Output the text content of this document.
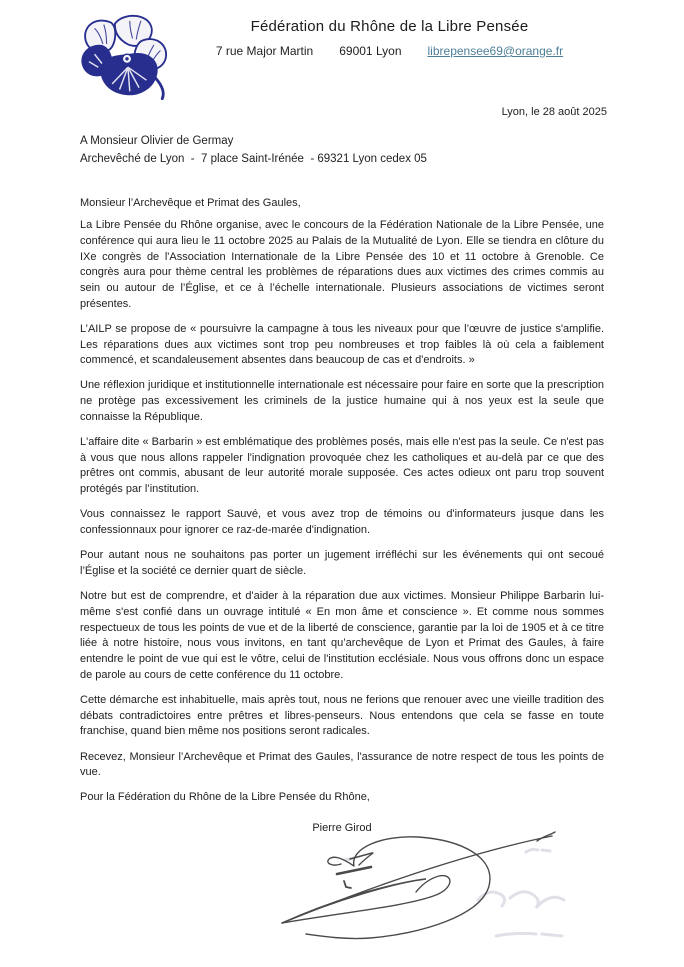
Fédération du Rhône de la Libre Pensée
7 rue Major Martin 69001 Lyon librepensee69@orange.fr
Lyon, le 28 août 2025
A Monsieur Olivier de Germay
Archevêché de Lyon  -  7 place Saint-Irénée  - 69321 Lyon cedex 05
Monsieur l’Archevêque et Primat des Gaules,

La Libre Pensée du Rhône organise, avec le concours de la Fédération Nationale de la Libre Pensée, une conférence qui aura lieu le 11 octobre 2025 au Palais de la Mutualité de Lyon. Elle se tiendra en clôture du IXe congrès de l'Association Internationale de la Libre Pensée des 10 et 11 octobre à Grenoble. Ce congrès aura pour thème central les problèmes de réparations dues aux victimes des crimes commis au sein ou autour de l’Église, et ce à l’échelle internationale. Plusieurs associations de victimes seront présentes.

L’AILP se propose de « poursuivre la campagne à tous les niveaux pour que l’œuvre de justice s'amplifie. Les réparations dues aux victimes sont trop peu nombreuses et trop faibles là où cela a faiblement commencé, et scandaleusement absentes dans beaucoup de cas et d'endroits. »

Une réflexion juridique et institutionnelle internationale est nécessaire pour faire en sorte que la prescription ne protège pas excessivement les criminels de la justice humaine qui à nos yeux est la seule que connaisse la République.

L'affaire dite « Barbarin » est emblématique des problèmes posés, mais elle n'est pas la seule. Ce n'est pas à vous que nous allons rappeler l'indignation provoquée chez les catholiques et au-delà par ce que des prêtres ont commis, abusant de leur autorité morale supposée. Ces actes odieux ont paru trop souvent protégés par l’institution.

Vous connaissez le rapport Sauvé, et vous avez trop de témoins ou d'informateurs jusque dans les confessionnaux pour ignorer ce raz-de-marée d'indignation.

Pour autant nous ne souhaitons pas porter un jugement irréfléchi sur les événements qui ont secoué l’Église et la société ce dernier quart de siècle.

Notre but est de comprendre, et d'aider à la réparation due aux victimes. Monsieur Philippe Barbarin lui-même s'est confié dans un ouvrage intitulé « En mon âme et conscience ». Et comme nous sommes respectueux de tous les points de vue et de la liberté de conscience, garantie par la loi de 1905 et à ce titre liée à notre histoire, nous vous invitons, en tant qu’archevêque de Lyon et Primat des Gaules, à faire entendre le point de vue qui est le vôtre, celui de l'institution ecclésiale. Nous vous offrons donc un espace de parole au cours de cette conférence du 11 octobre.

Cette démarche est inhabituelle, mais après tout, nous ne ferions que renouer avec une vieille tradition des débats contradictoires entre prêtres et libres-penseurs. Nous entendons que cela se fasse en toute franchise, quand bien même nos positions seront radicales.

Recevez, Monsieur l’Archevêque et Primat des Gaules, l'assurance de notre respect de tous les points de vue.

Pour la Fédération du Rhône de la Libre Pensée du Rhône,

Pierre Girod
